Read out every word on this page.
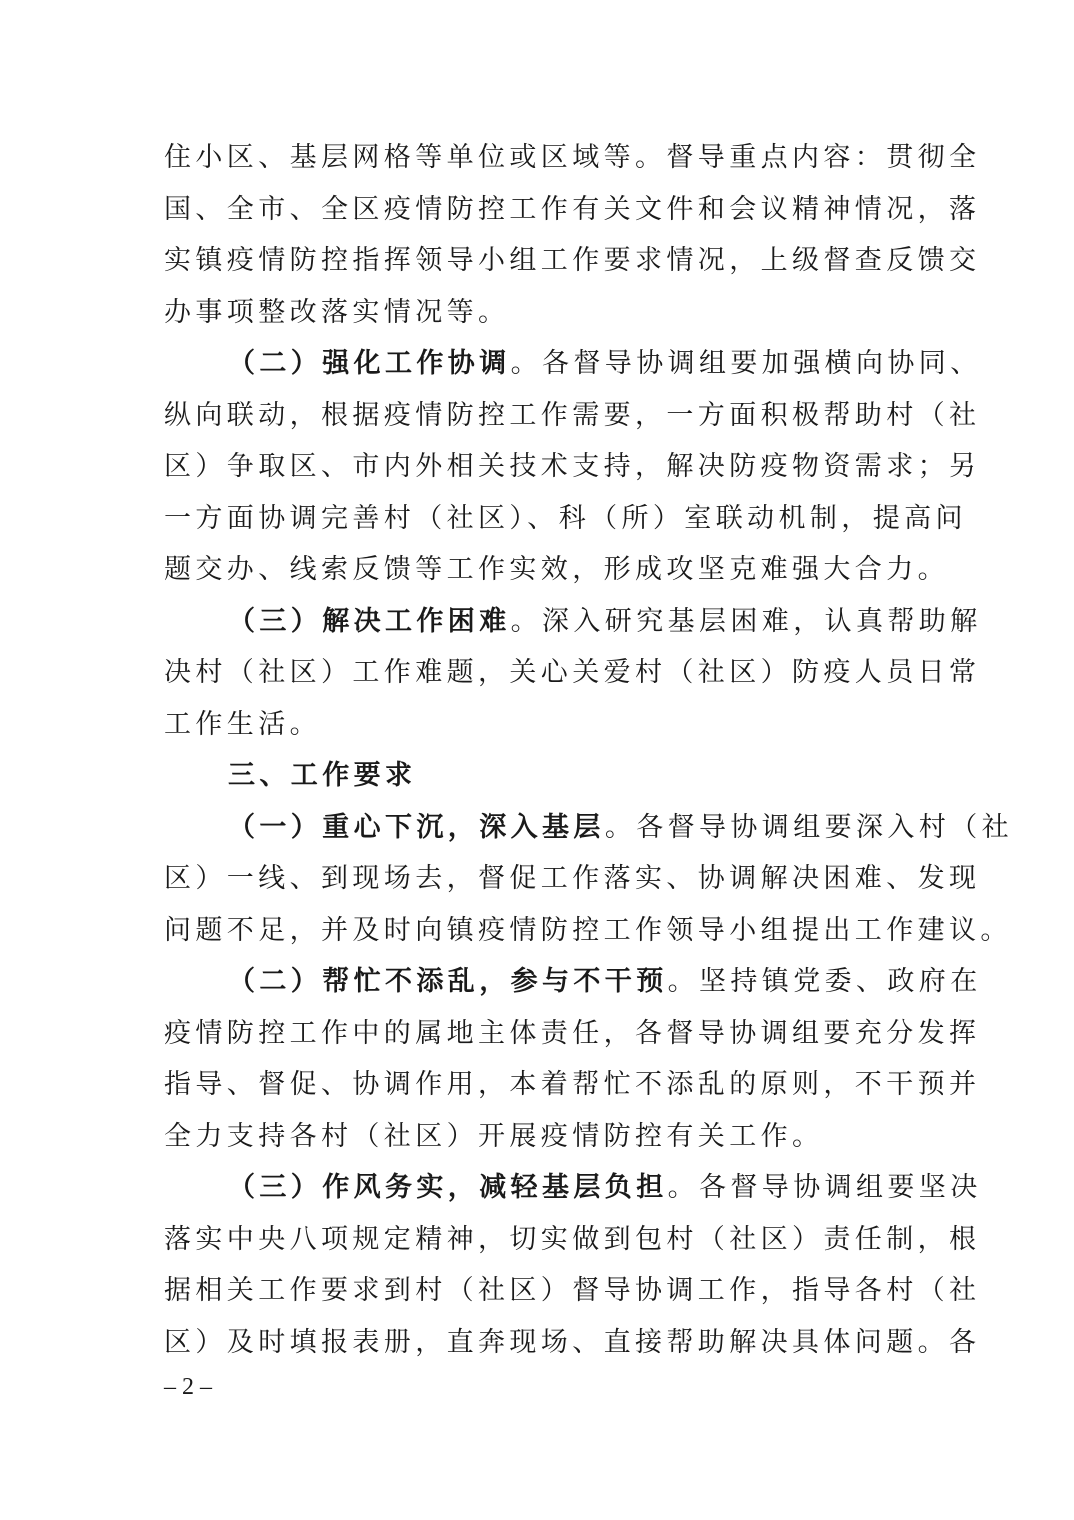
住小区、基层网格等单位或区域等。督导重点内容：贯彻全
国、全市、全区疫情防控工作有关文件和会议精神情况，落
实镇疫情防控指挥领导小组工作要求情况，上级督查反馈交
办事项整改落实情况等。
（二）强化工作协调。各督导协调组要加强横向协同、
纵向联动，根据疫情防控工作需要，一方面积极帮助村（社
区）争取区、市内外相关技术支持，解决防疫物资需求；另
一方面协调完善村（社区）、科（所）室联动机制，提高问
题交办、线索反馈等工作实效，形成攻坚克难强大合力。
（三）解决工作困难。深入研究基层困难，认真帮助解
决村（社区）工作难题，关心关爱村（社区）防疫人员日常
工作生活。
三、工作要求
（一）重心下沉，深入基层。各督导协调组要深入村（社
区）一线、到现场去，督促工作落实、协调解决困难、发现
问题不足，并及时向镇疫情防控工作领导小组提出工作建议。
（二）帮忙不添乱，参与不干预。坚持镇党委、政府在
疫情防控工作中的属地主体责任，各督导协调组要充分发挥
指导、督促、协调作用，本着帮忙不添乱的原则，不干预并
全力支持各村（社区）开展疫情防控有关工作。
（三）作风务实，减轻基层负担。各督导协调组要坚决
落实中央八项规定精神，切实做到包村（社区）责任制，根
据相关工作要求到村（社区）督导协调工作，指导各村（社
区）及时填报表册，直奔现场、直接帮助解决具体问题。各
– 2 –
